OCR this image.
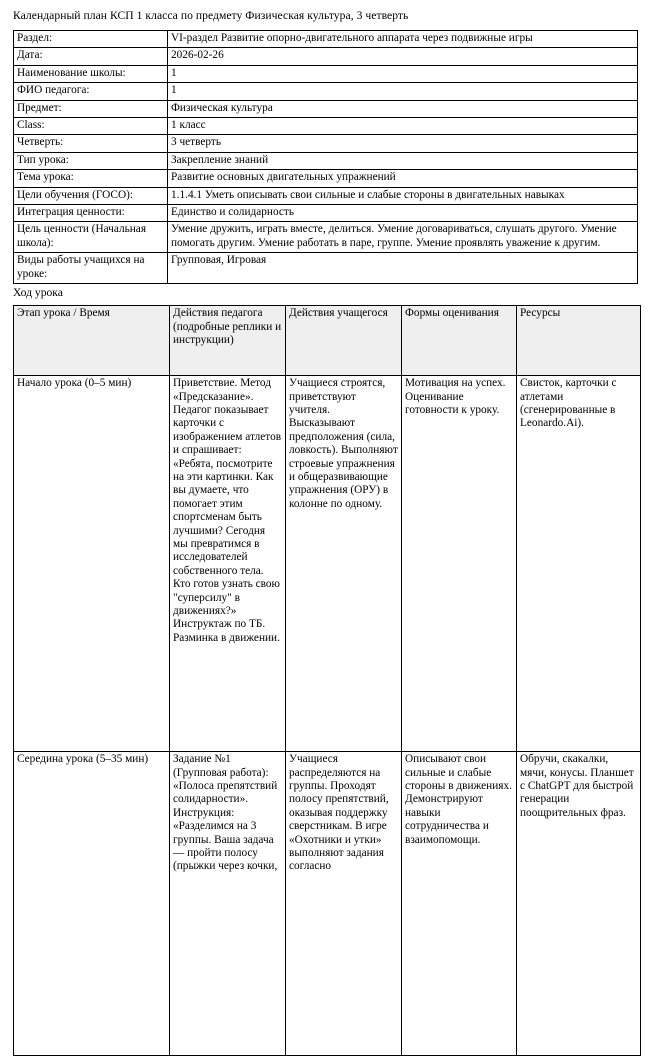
Календарный план КСП 1 класса по предмету Физическая культура, 3 четверть
Раздел:	VI-раздел Развитие опорно-двигательного аппарата через подвижные игры
Дата:	2026-02-26
Наименование школы:	1
ФИО педагога:	1
Предмет:	Физическая культура
Class:	1 класс
Четверть:	3 четверть
Тип урока:	Закрепление знаний
Тема урока:	Развитие основных двигательных упражнений
Цели обучения (ГОСО):	1.1.4.1 Уметь описывать свои сильные и слабые стороны в двигательных навыках
Интеграция ценности:	Единство и солидарность
Цель ценности (Начальная школа):	Умение дружить, играть вместе, делиться. Умение договариваться, слушать другого. Умение помогать другим. Умение работать в паре, группе. Умение проявлять уважение к другим.
Виды работы учащихся на уроке:	Групповая, Игровая
Ход урока
Этап урока / Время	Действия педагога (подробные реплики и инструкции)	Действия учащегося	Формы оценивания	Ресурсы
Начало урока (0–5 мин)	Приветствие. Метод «Предсказание». Педагог показывает карточки с изображением атлетов и спрашивает: «Ребята, посмотрите на эти картинки. Как вы думаете, что помогает этим спортсменам быть лучшими? Сегодня мы превратимся в исследователей собственного тела. Кто готов узнать свою "суперсилу" в движениях?» Инструктаж по ТБ. Разминка в движении.	Учащиеся строятся, приветствуют учителя. Высказывают предположения (сила, ловкость). Выполняют строевые упражнения и общеразвивающие упражнения (ОРУ) в колонне по одному.	Мотивация на успех. Оценивание готовности к уроку.	Свисток, карточки с атлетами (сгенерированные в Leonardo.Ai).
Середина урока (5–35 мин)	Задание №1 (Групповая работа): «Полоса препятствий солидарности». Инструкция: «Разделимся на 3 группы. Ваша задача — пройти полосу (прыжки через кочки,	Учащиеся распределяются на группы. Проходят полосу препятствий, оказывая поддержку сверстникам. В игре «Охотники и утки» выполняют задания согласно	Описывают свои сильные и слабые стороны в движениях. Демонстрируют навыки сотрудничества и взаимопомощи.	Обручи, скакалки, мячи, конусы. Планшет с ChatGPT для быстрой генерации поощрительных фраз.
